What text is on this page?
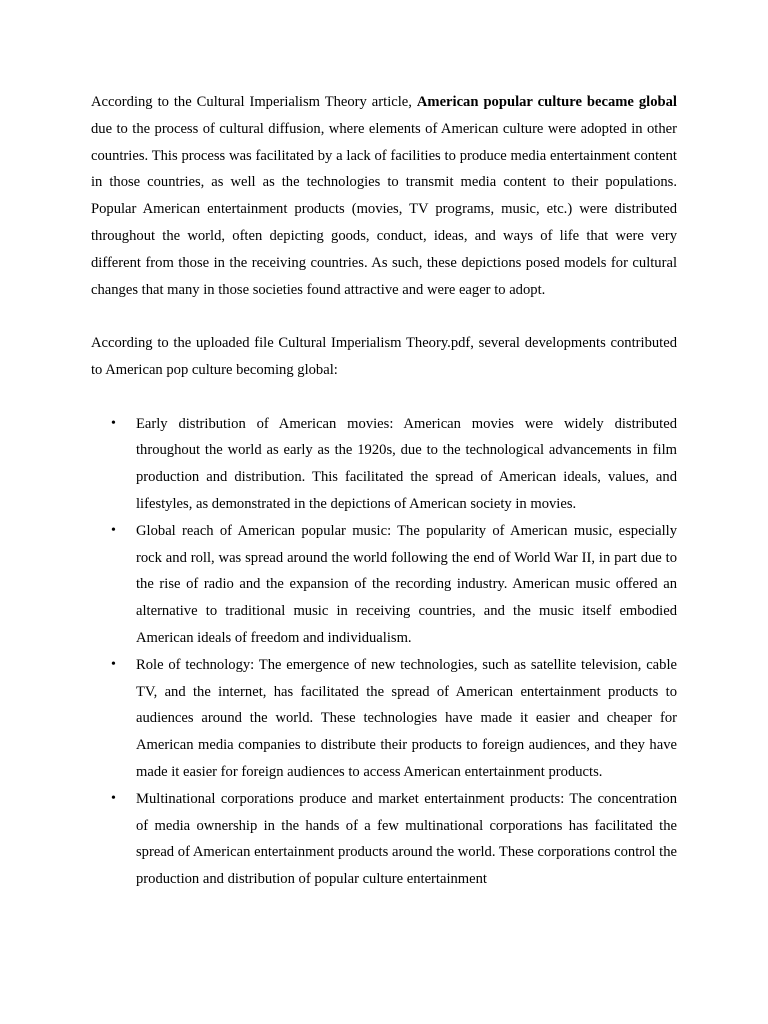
According to the Cultural Imperialism Theory article, American popular culture became global due to the process of cultural diffusion, where elements of American culture were adopted in other countries. This process was facilitated by a lack of facilities to produce media entertainment content in those countries, as well as the technologies to transmit media content to their populations. Popular American entertainment products (movies, TV programs, music, etc.) were distributed throughout the world, often depicting goods, conduct, ideas, and ways of life that were very different from those in the receiving countries. As such, these depictions posed models for cultural changes that many in those societies found attractive and were eager to adopt.

According to the uploaded file Cultural Imperialism Theory.pdf, several developments contributed to American pop culture becoming global:

• Early distribution of American movies: American movies were widely distributed throughout the world as early as the 1920s, due to the technological advancements in film production and distribution. This facilitated the spread of American ideals, values, and lifestyles, as demonstrated in the depictions of American society in movies.
• Global reach of American popular music: The popularity of American music, especially rock and roll, was spread around the world following the end of World War II, in part due to the rise of radio and the expansion of the recording industry. American music offered an alternative to traditional music in receiving countries, and the music itself embodied American ideals of freedom and individualism.
• Role of technology: The emergence of new technologies, such as satellite television, cable TV, and the internet, has facilitated the spread of American entertainment products to audiences around the world. These technologies have made it easier and cheaper for American media companies to distribute their products to foreign audiences, and they have made it easier for foreign audiences to access American entertainment products.
• Multinational corporations produce and market entertainment products: The concentration of media ownership in the hands of a few multinational corporations has facilitated the spread of American entertainment products around the world. These corporations control the production and distribution of popular culture entertainment
